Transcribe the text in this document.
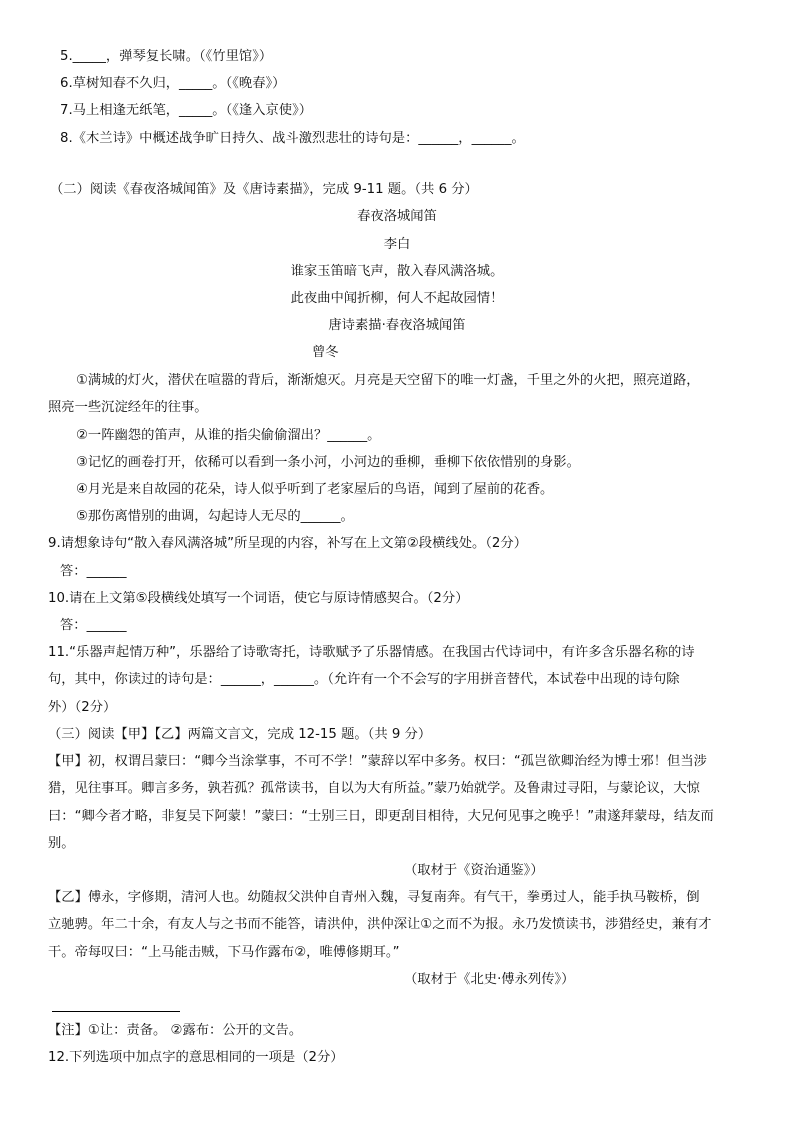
5._____，弹琴复长啸。（《竹里馆》）
6.草树知春不久归，_____。（《晚春》）
7.马上相逢无纸笔，_____。（《逢入京使》）
8.《木兰诗》中概述战争旷日持久、战斗激烈悲壮的诗句是：______，______。
（二）阅读《春夜洛城闻笛》及《唐诗素描》，完成 9-11 题。（共 6 分）
春夜洛城闻笛
李白
谁家玉笛暗飞声，散入春风满洛城。
此夜曲中闻折柳，何人不起故园情！
唐诗素描·春夜洛城闻笛
曾冬
①满城的灯火，潜伏在喧嚣的背后，渐渐熄灭。月亮是天空留下的唯一灯盏，千里之外的火把，照亮道路，
照亮一些沉淀经年的往事。
②一阵幽怨的笛声，从谁的指尖偷偷溜出？______。
③记忆的画卷打开，依稀可以看到一条小河，小河边的垂柳，垂柳下依依惜别的身影。
④月光是来自故园的花朵，诗人似乎听到了老家屋后的鸟语，闻到了屋前的花香。
⑤那伤离惜别的曲调，勾起诗人无尽的______。
9.请想象诗句“散入春风满洛城”所呈现的内容，补写在上文第②段横线处。（2分）
答：______
10.请在上文第⑤段横线处填写一个词语，使它与原诗情感契合。（2分）
答：______
11.“乐器声起情万种”，乐器给了诗歌寄托，诗歌赋予了乐器情感。在我国古代诗词中，有许多含乐器名称的诗
句，其中，你读过的诗句是：______，______。（允许有一个不会写的字用拼音替代，本试卷中出现的诗句除
外）（2分）
（三）阅读【甲】【乙】两篇文言文，完成 12-15 题。（共 9 分）
【甲】初，权谓吕蒙曰：“卿今当涂掌事，不可不学！”蒙辞以军中多务。权曰：“孤岂欲卿治经为博士邪！但当涉
猎，见往事耳。卿言多务，孰若孤？孤常读书，自以为大有所益。”蒙乃始就学。及鲁肃过寻阳，与蒙论议，大惊
曰：“卿今者才略，非复吴下阿蒙！”蒙曰：“士别三日，即更刮目相待，大兄何见事之晚乎！”肃遂拜蒙母，结友而
别。
（取材于《资治通鉴》）
【乙】傅永，字修期，清河人也。幼随叔父洪仲自青州入魏，寻复南奔。有气干，拳勇过人，能手执马鞍桥，倒
立驰骋。年二十余，有友人与之书而不能答，请洪仲，洪仲深让①之而不为报。永乃发愤读书，涉猎经史，兼有才
干。帝每叹曰：“上马能击贼，下马作露布②，唯傅修期耳。”
（取材于《北史·傅永列传》）
【注】①让：责备。 ②露布：公开的文告。
12.下列选项中加点字的意思相同的一项是（2分）
